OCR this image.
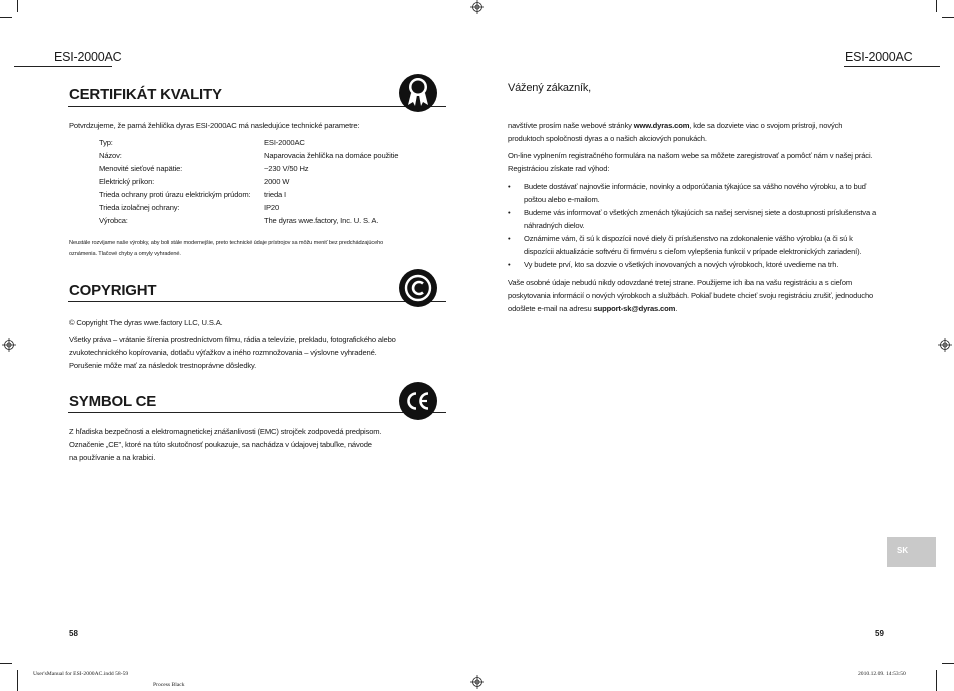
ESI-2000AC	ESI-2000AC
CERTIFIKÁT KVALITY
Potvrdzujeme, že parná žehlička dyras ESI-2000AC má nasledujúce technické parametre:
Typ:	ESI-2000AC
Názov:	Naparovacia žehlička na domáce použitie
Menovité sieťové napätie:	~230 V/50 Hz
Elektrický príkon:	2000 W
Trieda ochrany proti úrazu elektrickým prúdom: trieda I
Trieda izolačnej ochrany:	IP20
Výrobca:	The dyras wwe.factory, Inc. U. S. A.
Neustále rozvíjame naše výrobky, aby boli stále modernejšie, preto technické údaje prístrojov sa môžu meniť bez predchádzajúceho
oznámenia. Tlačové chyby a omyly vyhradené.
COPYRIGHT
© Copyright The dyras wwe.factory LLC, U.S.A.
Všetky práva – vrátanie šírenia prostredníctvom filmu, rádia a televízie, prekladu, fotografického alebo
zvukotechnického kopírovania, dotlaču výťažkov a iného rozmnožovania – výslovne vyhradené.
Porušenie môže mať za následok trestnoprávne dôsledky.
SYMBOL CE
Z hľadiska bezpečnosti a elektromagnetickej znášanlivosti (EMC) strojček zodpovedá predpisom.
Označenie „CE", ktoré na túto skutočnosť poukazuje, sa nachádza v údajovej tabuľke, návode
na používanie a na krabici.
58
Vážený zákazník,
navštívte prosím naše webové stránky www.dyras.com, kde sa dozviete viac o svojom prístroji, nových
produktoch spoločnosti dyras a o našich akciových ponukách.
On-line vyplnením registračného formulára na našom webe sa môžete zaregistrovať a pomôcť nám v našej práci.
Registráciou získate rad výhod:
• Budete dostávať najnovšie informácie, novinky a odporúčania týkajúce sa vášho nového výrobku, a to buď
poštou alebo e-mailom.
• Budeme vás informovať o všetkých zmenách týkajúcich sa našej servisnej siete a dostupnosti príslušenstva a
náhradných dielov.
• Oznámime vám, či sú k dispozícii nové diely či príslušenstvo na zdokonalenie vášho výrobku (a či sú k
dispozícii aktualizácie softvéru či firmvéru s cieľom vylepšenia funkcií v prípade elektronických zariadení).
• Vy budete prví, kto sa dozvie o všetkých inovovaných a nových výrobkoch, ktoré uvedieme na trh.
Vaše osobné údaje nebudú nikdy odovzdané tretej strane. Použijeme ich iba na vašu registráciu a s cieľom
poskytovania informácií o nových výrobkoch a službách. Pokiaľ budete chcieť svoju registráciu zrušiť, jednoducho
odošlete e-mail na adresu support-sk@dyras.com.
SK
59
User'sManual for ESI-2000AC.indd 58-59
Process Black
2010.12.09. 14:53:50
